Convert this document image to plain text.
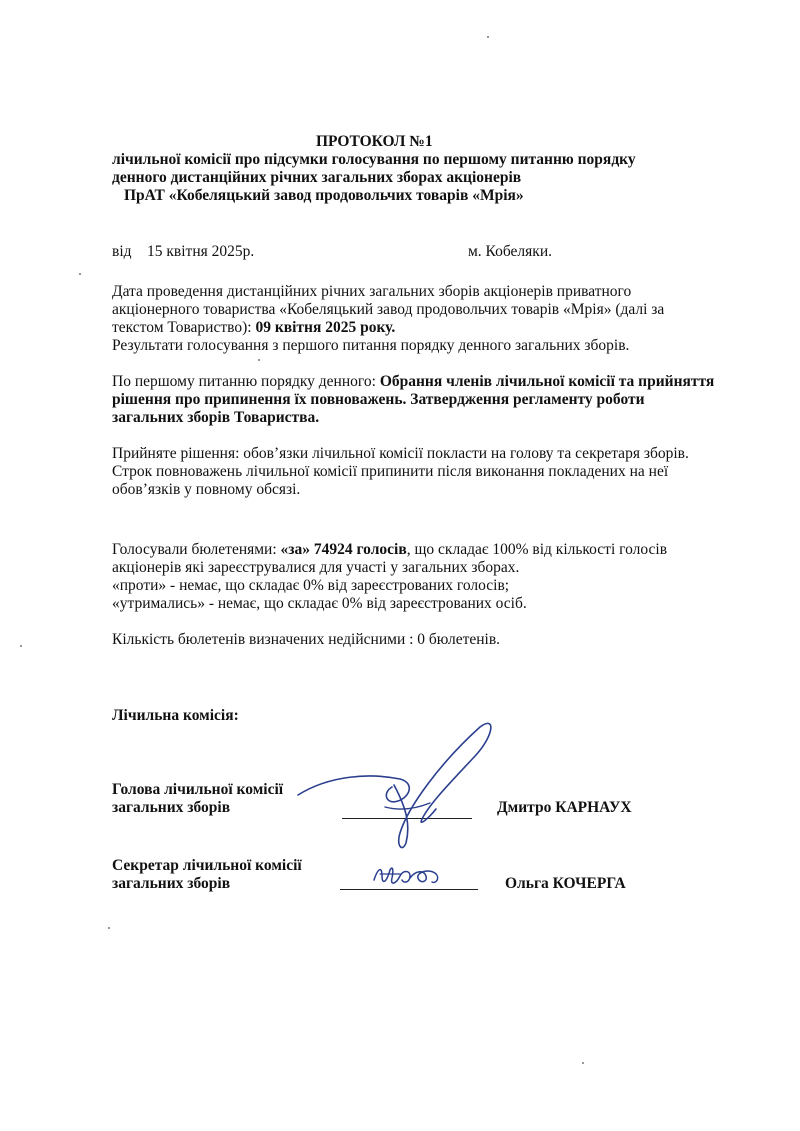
ПРОТОКОЛ №1
лічильної комісії про підсумки голосування по першому питанню порядку
денного дистанційних річних загальних зборах акціонерів
ПрАТ «Кобеляцький завод продовольчих товарів «Мрія»
від 15 квітня 2025р.	м. Кобеляки.
Дата проведення дистанційних річних загальних зборів акціонерів приватного
акціонерного товариства «Кобеляцький завод продовольчих товарів «Мрія» (далі за
текстом Товариство): 09 квітня 2025 року.
Результати голосування з першого питання порядку денного загальних зборів.
По першому питанню порядку денного: Обрання членів лічильної комісії та прийняття
рішення про припинення їх повноважень. Затвердження регламенту роботи
загальних зборів Товариства.
Прийняте рішення: обов’язки лічильної комісії покласти на голову та секретаря зборів.
Строк повноважень лічильної комісії припинити після виконання покладених на неї
обов’язків у повному обсязі.
Голосували бюлетенями: «за» 74924 голосів, що складає 100% від кількості голосів
акціонерів які зареєструвалися для участі у загальних зборах.
«проти» - немає, що складає 0% від зареєстрованих голосів;
«утримались» - немає, що складає 0% від зареєстрованих осіб.
Кількість бюлетенів визначених недійсними : 0 бюлетенів.
Лічильна комісія:
Голова лічильної комісії
загальних зборів	Дмитро КАРНАУХ
Секретар лічильної комісії
загальних зборів	Ольга КОЧЕРГА
